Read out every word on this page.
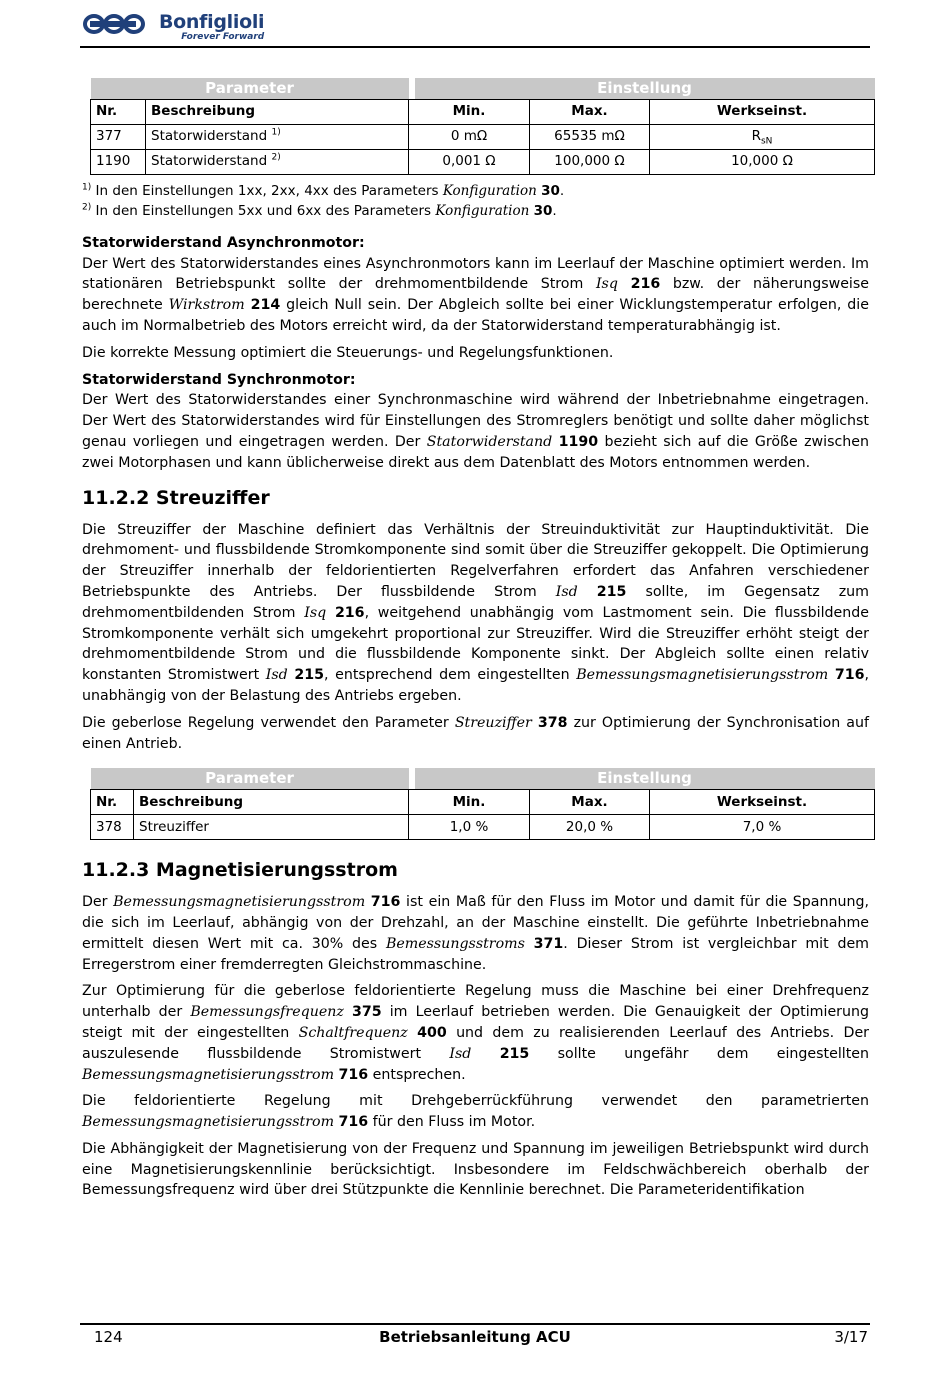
Bonfiglioli
Forever Forward
Parameter			Einstellung		
Nr.	Beschreibung	Min.		Max.	Werkseinst.
377	Statorwiderstand $^{1)}$	0 mΩ		65535 mΩ	$R_{sN}$
1190	Statorwiderstand $^{2)}$	0,001 Ω		100,000 Ω	10,000 Ω
$^{1)}$ In den Einstellungen 1xx, 2xx, 4xx des Parameters Konfiguration 30.
$^{2)}$ In den Einstellungen 5xx und 6xx des Parameters Konfiguration 30.
Statorwiderstand Asynchronmotor:

Der Wert des Statorwiderstandes eines Asynchronmotors kann im Leerlauf der Maschine optimiert werden. Im stationären Betriebspunkt sollte der drehmomentbildende Strom Isq 216 bzw. der näherungsweise berechnete Wirkstrom 214 gleich Null sein. Der Abgleich sollte bei einer Wicklungstemperatur erfolgen, die auch im Normalbetrieb des Motors erreicht wird, da der Statorwiderstand temperaturabhängig ist.

Die korrekte Messung optimiert die Steuerungs- und Regelungsfunktionen.

Statorwiderstand Synchronmotor:

Der Wert des Statorwiderstandes einer Synchronmaschine wird während der Inbetriebnahme eingetragen. Der Wert des Statorwiderstandes wird für Einstellungen des Stromreglers benötigt und sollte daher möglichst genau vorliegen und eingetragen werden. Der Statorwiderstand 1190 bezieht sich auf die Größe zwischen zwei Motorphasen und kann üblicherweise direkt aus dem Datenblatt des Motors entnommen werden.

11.2.2 Streuziffer

Die Streuziffer der Maschine definiert das Verhältnis der Streuinduktivität zur Hauptinduktivität. Die drehmoment- und flussbildende Stromkomponente sind somit über die Streuziffer gekoppelt. Die Optimierung der Streuziffer innerhalb der feldorientierten Regelverfahren erfordert das Anfahren verschiedener Betriebspunkte des Antriebs. Der flussbildende Strom Isd 215 sollte, im Gegensatz zum drehmomentbildenden Strom Isq 216, weitgehend unabhängig vom Lastmoment sein. Die flussbildende Stromkomponente verhält sich umgekehrt proportional zur Streuziffer. Wird die Streuziffer erhöht steigt der drehmomentbildende Strom und die flussbildende Komponente sinkt. Der Abgleich sollte einen relativ konstanten Stromistwert Isd 215, entsprechend dem eingestellten Bemessungsmagnetisierungsstrom 716, unabhängig von der Belastung des Antriebs ergeben.

Die geberlose Regelung verwendet den Parameter Streuziffer 378 zur Optimierung der Synchronisation auf einen Antrieb.

Parameter			Einstellung		
Nr.	Beschreibung	Min.		Max.	Werkseinst.
378	Streuziffer	1,0 %		20,0 %	7,0 %
11.2.3 Magnetisierungsstrom

Der Bemessungsmagnetisierungsstrom 716 ist ein Maß für den Fluss im Motor und damit für die Spannung, die sich im Leerlauf, abhängig von der Drehzahl, an der Maschine einstellt. Die geführte Inbetriebnahme ermittelt diesen Wert mit ca. 30% des Bemessungsstroms 371. Dieser Strom ist vergleichbar mit dem Erregerstrom einer fremderregten Gleichstrommaschine.

Zur Optimierung für die geberlose feldorientierte Regelung muss die Maschine bei einer Drehfrequenz unterhalb der Bemessungsfrequenz 375 im Leerlauf betrieben werden. Die Genauigkeit der Optimierung steigt mit der eingestellten Schaltfrequenz 400 und dem zu realisierenden Leerlauf des Antriebs. Der auszulesende flussbildende Stromistwert Isd 215 sollte ungefähr dem eingestellten Bemessungsmagnetisierungsstrom 716 entsprechen.

Die feldorientierte Regelung mit Drehgeberrückführung verwendet den parametrierten Bemessungsmagnetisierungsstrom 716 für den Fluss im Motor.

Die Abhängigkeit der Magnetisierung von der Frequenz und Spannung im jeweiligen Betriebspunkt wird durch eine Magnetisierungskennlinie berücksichtigt. Insbesondere im Feldschwächbereich oberhalb der Bemessungsfrequenz wird über drei Stützpunkte die Kennlinie berechnet. Die Parameteridentifikation

124	Betriebsanleitung ACU	3/17
